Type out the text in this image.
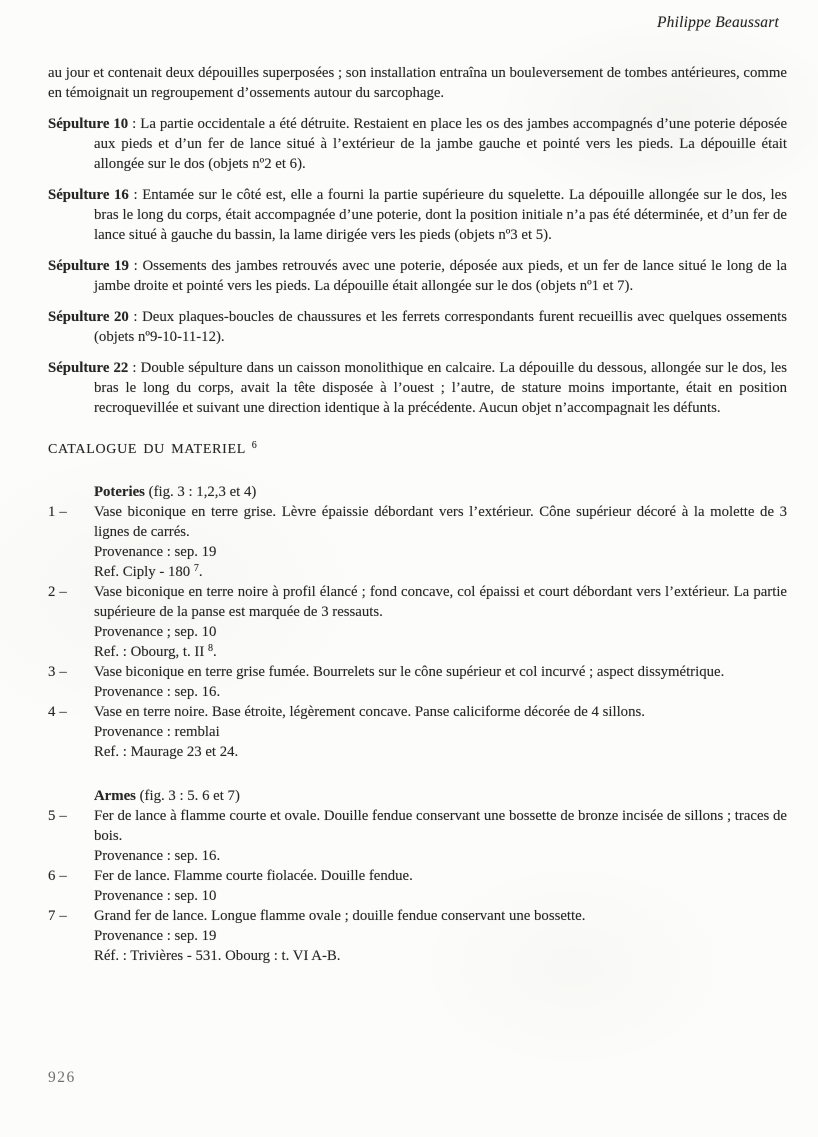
Philippe Beaussart

au jour et contenait deux dépouilles superposées ; son installation entraîna un bouleversement de tombes antérieures, comme en témoignait un regroupement d’ossements autour du sarcophage.

Sépulture 10 : La partie occidentale a été détruite. Restaient en place les os des jambes accompagnés d’une poterie déposée aux pieds et d’un fer de lance situé à l’extérieur de la jambe gauche et pointé vers les pieds. La dépouille était allongée sur le dos (objets nº2 et 6).

Sépulture 16 : Entamée sur le côté est, elle a fourni la partie supérieure du squelette. La dépouille allongée sur le dos, les bras le long du corps, était accompagnée d’une poterie, dont la position initiale n’a pas été déterminée, et d’un fer de lance situé à gauche du bassin, la lame dirigée vers les pieds (objets nº3 et 5).

Sépulture 19 : Ossements des jambes retrouvés avec une poterie, déposée aux pieds, et un fer de lance situé le long de la jambe droite et pointé vers les pieds. La dépouille était allongée sur le dos (objets nº1 et 7).

Sépulture 20 : Deux plaques-boucles de chaussures et les ferrets correspondants furent recueillis avec quelques ossements (objets nº9-10-11-12).

Sépulture 22 : Double sépulture dans un caisson monolithique en calcaire. La dépouille du dessous, allongée sur le dos, les bras le long du corps, avait la tête disposée à l’ouest ; l’autre, de stature moins importante, était en position recroquevillée et suivant une direction identique à la précédente. Aucun objet n’accompagnait les défunts.

CATALOGUE DU MATERIEL $^6$

Poteries (fig. 3 : 1,2,3 et 4)

1 –	Vase biconique en terre grise. Lèvre épaissie débordant vers l’extérieur. Cône supérieur décoré à la molette de 3 lignes de carrés.

Provenance : sep. 19

Ref. Ciply - 180 $^7$.

2 –	Vase biconique en terre noire à profil élancé ; fond concave, col épaissi et court débordant vers l’extérieur. La partie supérieure de la panse est marquée de 3 ressauts.

Provenance ; sep. 10

Ref. : Obourg, t. II $^8$.

3 –	Vase biconique en terre grise fumée. Bourrelets sur le cône supérieur et col incurvé ; aspect dissymétrique.

Provenance : sep. 16.

4 –	Vase en terre noire. Base étroite, légèrement concave. Panse caliciforme décorée de 4 sillons.

Provenance : remblai

Ref. : Maurage 23 et 24.

Armes (fig. 3 : 5. 6 et 7)

5 –	Fer de lance à flamme courte et ovale. Douille fendue conservant une bossette de bronze incisée de sillons ; traces de bois.

Provenance : sep. 16.

6 –	Fer de lance. Flamme courte fiolacée. Douille fendue.

Provenance : sep. 10

7 –	Grand fer de lance. Longue flamme ovale ; douille fendue conservant une bossette.

Provenance : sep. 19

Réf. : Trivières - 531. Obourg : t. VI A-B.

926
